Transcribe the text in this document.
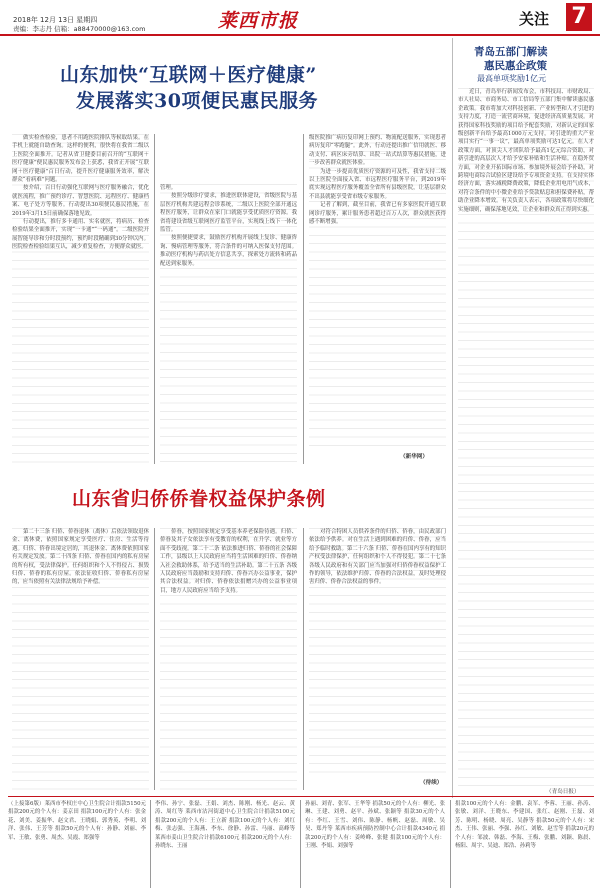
2018年 12月 13日 星期四
责编：李志丹 信箱：a88470000@163.com	莱西市报	关注 7
山东加快“互联网＋医疗健康”
发展落实30项便民惠民服务

做实检查检验，患者不用跑医院排队等候取结果。在手机上就能自助查询。这样的便利，很快将在我省二级以上医院全面推开。记者从省卫健委目前召开的“互联网＋医疗健康”便民惠民服务发布会上获悉，我省正开展“互联网＋医疗健康”百日行动，提升医疗健康服务效率，解决群众“看病难”问题。

按介绍，百日行动强化互联网与医疗服务融合，优化就医流程，推广预约诊疗、智慧医院、远程医疗、健康档案、电子处方等服务。行动提出30项便民惠民措施，在2019年3月15日前确保落地见效。

行动提出，推行多卡通用、实名就医，将病历、检查检验结果全面推开，实现“一卡通”“一码通”。二级医院开展智能导诊和分时段预约，预约时段精确到30分钟以内。医院检查检验结果互认，减少重复检查，方便群众就医。

管理。

按照分级诊疗要求，推进医联体建设，省级医院与基层医疗机构共建远程会诊系统，二级以上医院全部开通远程医疗服务，让群众在家门口就能享受优质医疗资源。我省将建设省级互联网医疗监管平台，实现线上线下一体化监管。

按照便捷要求，鼓励医疗机构开展线上复诊、健康咨询、慢病管理等服务，符合条件的可纳入医保支付范围。推动医疗机构与药店处方信息共享，探索处方流转和药品配送到家服务。

级医院推广病历复印网上预约、物流配送服务，实现患者病历复印“零跑腿”。此外，行动还提出推广信用就医、移动支付、病区床旁结算、出院一站式结算等惠民措施，进一步改善群众就医体验。

为进一步提高优质医疗资源的可及性，我省支持二级以上医院全面接入省、市远程医疗服务平台，到2019年底实现远程医疗服务覆盖全省所有县级医院，让基层群众不出县就能享受省市级专家服务。

记者了解到，截至目前，我省已有多家医院开通互联网诊疗服务，累计服务患者超过百万人次，群众就医获得感不断增强。

（新华网）
青岛五部门解读
惠民惠企政策
最高单项奖励1亿元
近日，青岛举行新闻发布会，市科技局、市财政局、市人社局、市商务局、市工信局等五部门集中解读惠民惠企政策。我市将加大对科技创新、产业转型和人才引进的支持力度，打造一流营商环境，促进经济高质量发展。对获得国家科技奖励的项目给予配套奖励，对新认定的国家级创新平台给予最高1000万元支持，对引进的重大产业项目实行“一事一议”，最高单项奖励可达1亿元。在人才政策方面，对顶尖人才团队给予最高1亿元综合资助，对新引进的高层次人才给予安家补贴和生活补贴。在稳外贸方面，对企业开拓国际市场、参加境外展会给予补助，对跨境电商综合试验区建设给予专项资金支持。在支持实体经济方面，落实减税降费政策，降低企业用电用气成本，对符合条件的中小微企业给予贷款贴息和担保费补贴，帮助企业降本增效。有关负责人表示，各项政策将尽快细化实施细则，确保落地见效，让企业和群众真正得到实惠。
（青岛日报）
山东省归侨侨眷权益保护条例
第二十三条 归侨、侨眷退休（离休）后依法领取退休金、离休费，依照国家规定享受医疗、住房、生活等待遇。归侨、侨眷出境定居的，其退休金、离休费依照国家有关规定发放。第二十四条 归侨、侨眷在国内的私有房屋的所有权，受法律保护。任何组织和个人不得侵占、损毁归侨、侨眷的私有房屋。依法征收归侨、侨眷私有房屋的，应当依照有关法律法规给予补偿。
侨眷，按照国家规定享受基本养老保险待遇。归侨、侨眷及其子女依法享有受教育的权利，在升学、就业等方面不受歧视。第二十二条 依法推进归侨、侨眷的社会保障工作，县级以上人民政府应当将生活困难的归侨、侨眷纳入社会救助体系，给予适当的生活补助。第二十五条 各级人民政府应当鼓励和支持归侨、侨眷兴办公益事业，保护其合法权益。对归侨、侨眷依法捐赠兴办的公益事业项目，地方人民政府应当给予支持。
对符合特困人员供养条件的归侨、侨眷，由民政部门依法给予供养。对在生活上遇到困难的归侨、侨眷，应当给予临时救助。第二十六条 归侨、侨眷在国内享有的知识产权受法律保护，任何组织和个人不得侵犯。第二十七条 各级人民政府和有关部门应当加强对归侨侨眷权益保护工作的领导，依法维护归侨、侨眷的合法权益，及时处理侵害归侨、侨眷合法权益的事件。
（待续）
（上接第6版）莱西市李权庄中心卫生院合计捐款5150元 捐款200元的个人有：姜京田 捐款100元的个人有：张金花、刘美、姜振华、赵文君、王晓娟、郭秀英、李明、刘洋、张伟、王芳等 捐款50元的个人有：孙静、刘丽、李军、王敏、张勇、周杰、吴霞、郑强等
李伟、孙宁、张磊、王娟、刘杰、陈刚、杨光、赵云、黄涛、周红等 莱西市沽河街道中心卫生院合计捐款5100元 捐款200元的个人有：王立新 捐款100元的个人有：刘红梅、张志强、王海燕、李东、徐静、孙雷、马丽、高峰等 莱西市姜山卫生院合计捐款6100元 捐款200元的个人有：孙晓东、王丽
孙丽、刘青、张军、王华等 捐款50元的个人有：柳光、张琳、王建、刘勇、赵平、孙斌、张颖等 捐款30元的个人有：李红、王雪、刘伟、陈静、杨帆、赵磊、周敏、吴昊、郑丹等 莱西市疾病预防控制中心合计捐款4340元 捐款200元的个人有：姜岭峰、张健 捐款100元的个人有：王刚、李娟、刘强等
捐款100元的个人有：金鹏、袁军、李蓉、王丽、孙涛、张敏、刘洋、王晓东、李建国、张红、赵刚、王磊、刘芳、陈明、杨晓、周亮、吴静等 捐款50元的个人有：宋杰、王伟、张丽、李强、孙红、刘敏、赵雪等 捐款20元的个人有：邹波、韩磊、李海、王梅、张鹏、刘颖、陈晨、杨阳、周宇、吴迪、郑浩、孙莉等
